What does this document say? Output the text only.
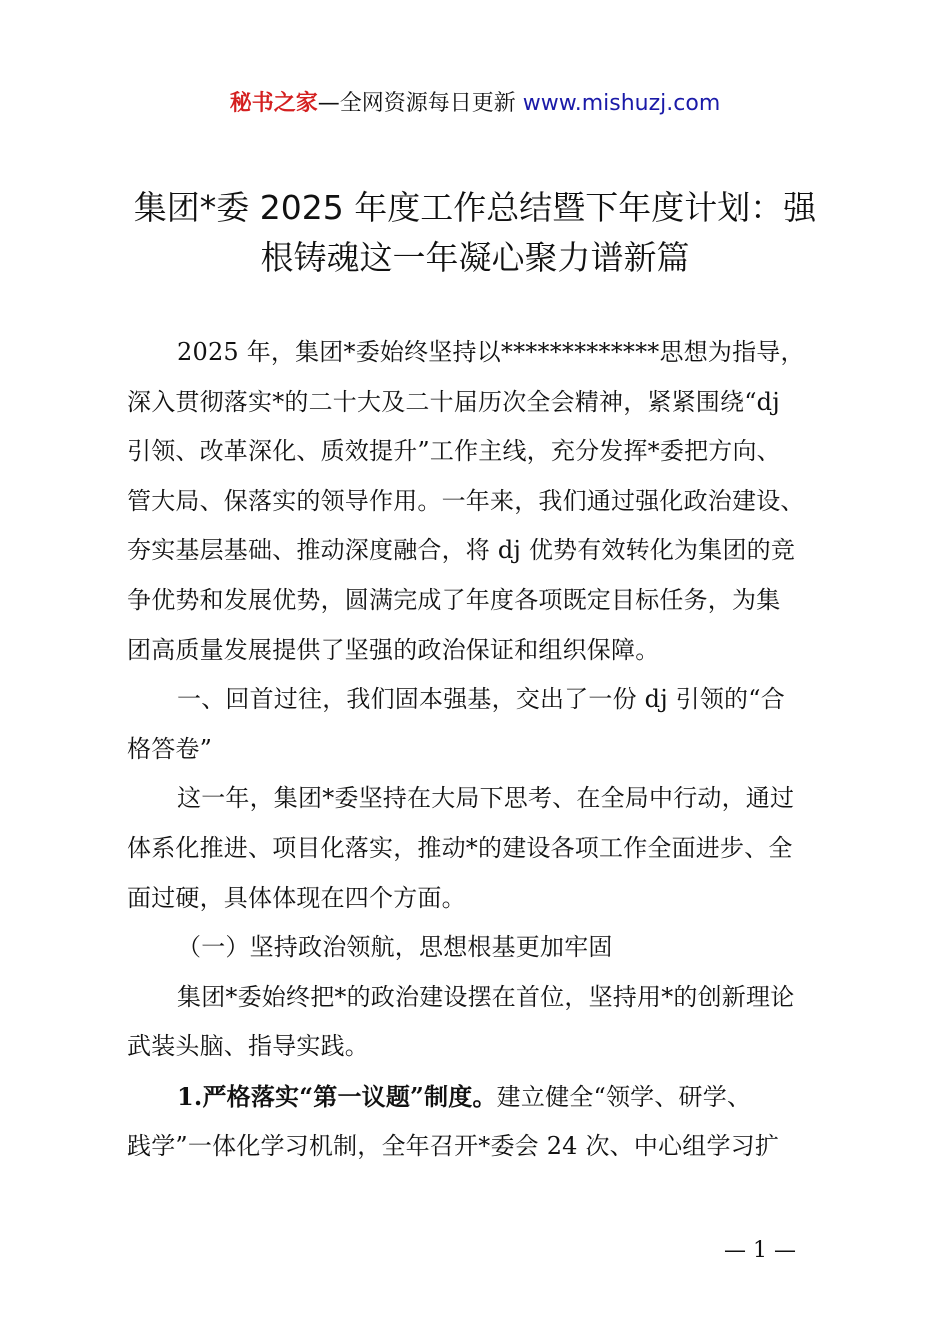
秘书之家—全网资源每日更新 www.mishuzj.com
集团*委 2025 年度工作总结暨下年度计划：强
根铸魂这一年凝心聚力谱新篇
2025 年，集团*委始终坚持以*************思想为指导，
深入贯彻落实*的二十大及二十届历次全会精神，紧紧围绕“dj
引领、改革深化、质效提升”工作主线，充分发挥*委把方向、
管大局、保落实的领导作用。一年来，我们通过强化政治建设、
夯实基层基础、推动深度融合，将 dj 优势有效转化为集团的竞
争优势和发展优势，圆满完成了年度各项既定目标任务，为集
团高质量发展提供了坚强的政治保证和组织保障。
一、回首过往，我们固本强基，交出了一份 dj 引领的“合
格答卷”
这一年，集团*委坚持在大局下思考、在全局中行动，通过
体系化推进、项目化落实，推动*的建设各项工作全面进步、全
面过硬，具体体现在四个方面。
（一）坚持政治领航，思想根基更加牢固
集团*委始终把*的政治建设摆在首位，坚持用*的创新理论
武装头脑、指导实践。
1.严格落实“第一议题”制度。建立健全“领学、研学、
践学”一体化学习机制，全年召开*委会 24 次、中心组学习扩
— 1 —
